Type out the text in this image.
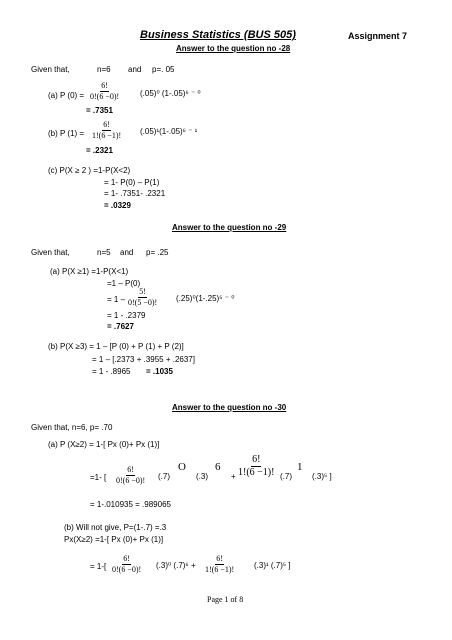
Business Statistics (BUS 505)	Assignment 7
Answer to the question no -28
Given that,	n=6 and p=. 05
(a) P $(0) = \frac{6!}{0!(6 -0)!}$	(.05)⁰ (1-.05)⁶ ⁻ ⁰
= .7351
(b) P $(1) = \frac{6!}{1!(6 -1)!} (.05)^1(1-.05)^6$ ⁻ ¹
= .2321
(c) P(X ≥ 2 ) =1-P(X<2)
= 1- P(0) – P(1)
= 1- .7351- .2321
= .0329
Answer to the question no -29
Given that,	n=5 and p= .25
(a) P(X ≥1) =1-P(X<1)
=1 – P(0)
= $1 - \frac{5!}{0!(5 -0)!} (.25)^0(1-.25)^5$ ⁻ ⁰
= 1 - .2379
= .7627
(b) P(X ≥3) = 1 – [P (0) + P (1) + P (2)]
= 1 – [.2373 + .3955 + .2637]
= 1 - .8965 = .1035
Answer to the question no -30
Given that, n=6, p= .70
(a) P (X≥2) = 1-[ Px (0)+ Px (1)]
=1- [ $\frac{6!}{0!(6 -0)!} (.7)$
O
(.3)
6
+ $\frac{6!}{1!(6 -1)!} (.7)$
1
(.3)⁵ ]
= 1-.010935 = .989065
(b) Will not give, P=(1-.7) =.3
Px(X≥2) =1-[ Px (0)+ Px (1)]
= $1-[ \frac{6!}{0!(6 -0)!} (.3)^0$ $(.7)^6 + \frac{6!}{1!(6 -1)!} (.3)^1$ (.7)⁵ ]
Page 1 of 8
